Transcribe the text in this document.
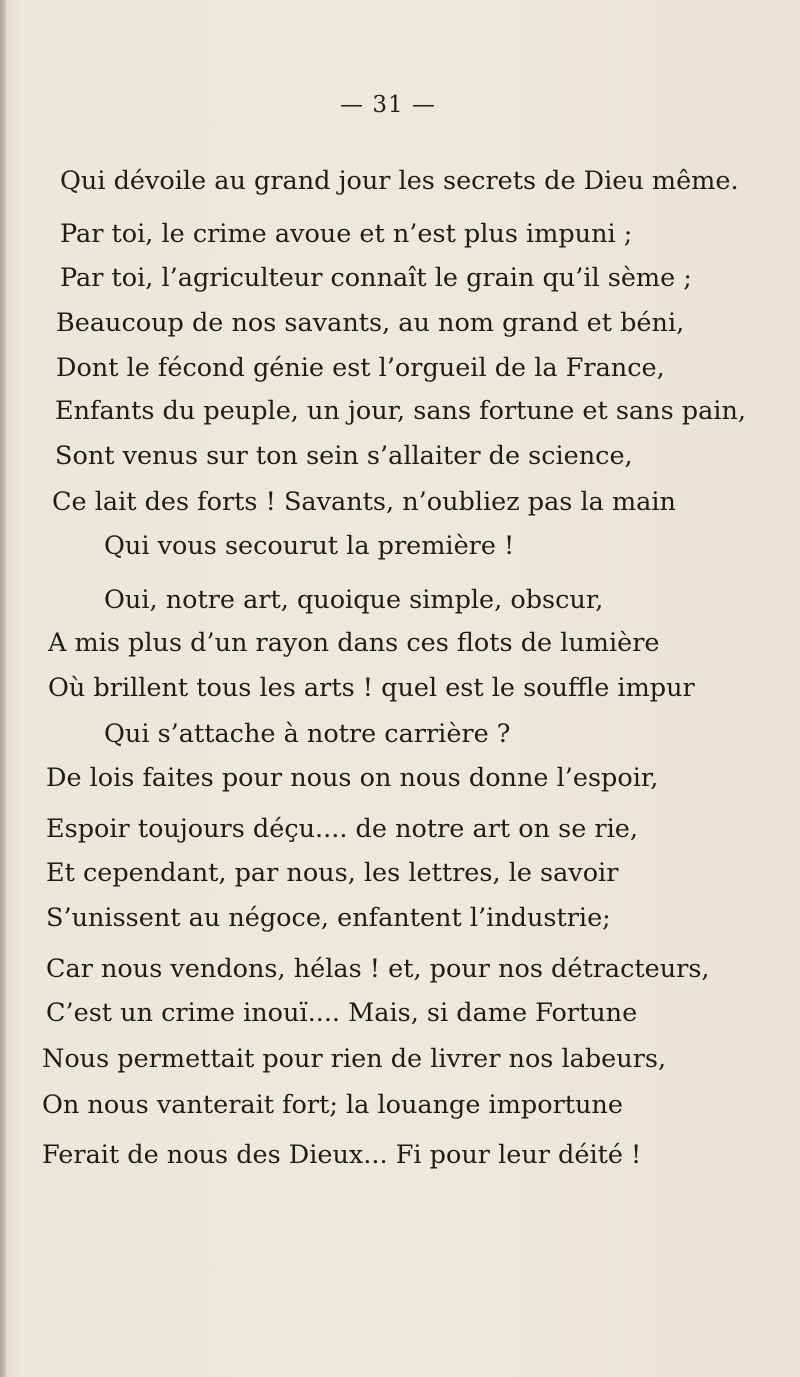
— 31 —
Qui dévoile au grand jour les secrets de Dieu même.
Par toi, le crime avoue et n’est plus impuni ;
Par toi, l’agriculteur connaît le grain qu’il sème ;
Beaucoup de nos savants, au nom grand et béni,
Dont le fécond génie est l’orgueil de la France,
Enfants du peuple, un jour, sans fortune et sans pain,
Sont venus sur ton sein s’allaiter de science,
Ce lait des forts ! Savants, n’oubliez pas la main
Qui vous secourut la première !
Oui, notre art, quoique simple, obscur,
A mis plus d’un rayon dans ces flots de lumière
Où brillent tous les arts ! quel est le souffle impur
Qui s’attache à notre carrière ?
De lois faites pour nous on nous donne l’espoir,
Espoir toujours déçu.... de notre art on se rie,
Et cependant, par nous, les lettres, le savoir
S’unissent au négoce, enfantent l’industrie;
Car nous vendons, hélas ! et, pour nos détracteurs,
C’est un crime inouï.... Mais, si dame Fortune
Nous permettait pour rien de livrer nos labeurs,
On nous vanterait fort; la louange importune
Ferait de nous des Dieux... Fi pour leur déité !
